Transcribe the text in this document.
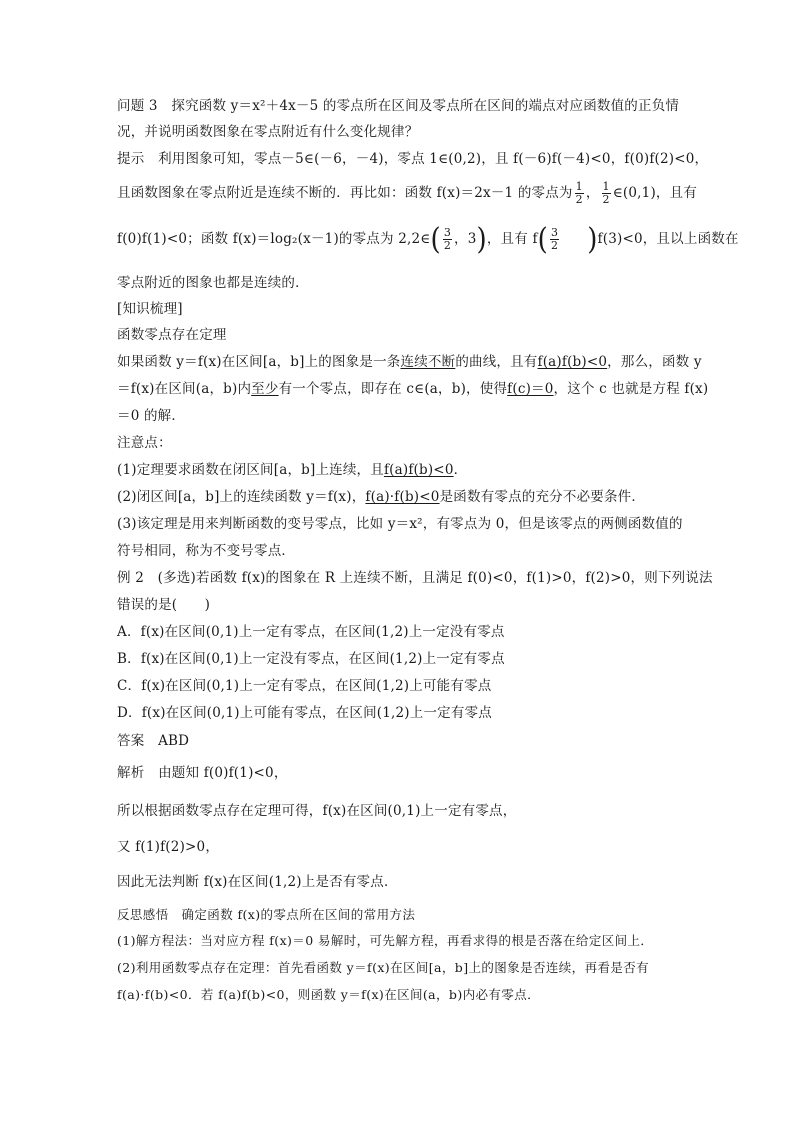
问题 3　探究函数 y＝x²＋4x－5 的零点所在区间及零点所在区间的端点对应函数值的正负情
况，并说明函数图象在零点附近有什么变化规律？
提示　利用图象可知，零点－5∈(－6，－4)，零点 1∈(0,2)，且 f(－6)f(－4)<0，f(0)f(2)<0，
且函数图象在零点附近是连续不断的．再比如：函数 f(x)＝2x－1 的零点为 $\frac{1}{2}$ ， $\frac{1}{2}$ ∈(0,1)，且有
f(0)f(1)<0；函数 f(x)＝log₂(x－1)的零点为 2,2∈( $\frac{3}{2}$ ，3)，且有 $f( \frac{3}{2} )f(3)<0$，且以上函数在
零点附近的图象也都是连续的．
[知识梳理]
函数零点存在定理
如果函数 y＝f(x)在区间[a，b]上的图象是一条连续不断的曲线，且有f(a)f(b)<0，那么，函数 y
＝f(x)在区间(a，b)内至少有一个零点，即存在 c∈(a，b)，使得f(c)＝0，这个 c 也就是方程 f(x)
＝0 的解．
注意点：
(1)定理要求函数在闭区间[a，b]上连续，且f(a)f(b)<0．
(2)闭区间[a，b]上的连续函数 y＝f(x)，f(a)·f(b)<0是函数有零点的充分不必要条件．
(3)该定理是用来判断函数的变号零点，比如 y＝x²，有零点为 0，但是该零点的两侧函数值的
符号相同，称为不变号零点．
例 2　(多选)若函数 f(x)的图象在 R 上连续不断，且满足 f(0)<0，f(1)>0，f(2)>0，则下列说法
错误的是(　　)
A．f(x)在区间(0,1)上一定有零点，在区间(1,2)上一定没有零点
B．f(x)在区间(0,1)上一定没有零点，在区间(1,2)上一定有零点
C．f(x)在区间(0,1)上一定有零点，在区间(1,2)上可能有零点
D．f(x)在区间(0,1)上可能有零点，在区间(1,2)上一定有零点
答案　ABD
解析　由题知 f(0)f(1)<0，
所以根据函数零点存在定理可得，f(x)在区间(0,1)上一定有零点，
又 f(1)f(2)>0，
因此无法判断 f(x)在区间(1,2)上是否有零点．
反思感悟　确定函数 f(x)的零点所在区间的常用方法
(1)解方程法：当对应方程 f(x)＝0 易解时，可先解方程，再看求得的根是否落在给定区间上．
(2)利用函数零点存在定理：首先看函数 y＝f(x)在区间[a，b]上的图象是否连续，再看是否有
f(a)·f(b)<0．若 f(a)f(b)<0，则函数 y＝f(x)在区间(a，b)内必有零点．
